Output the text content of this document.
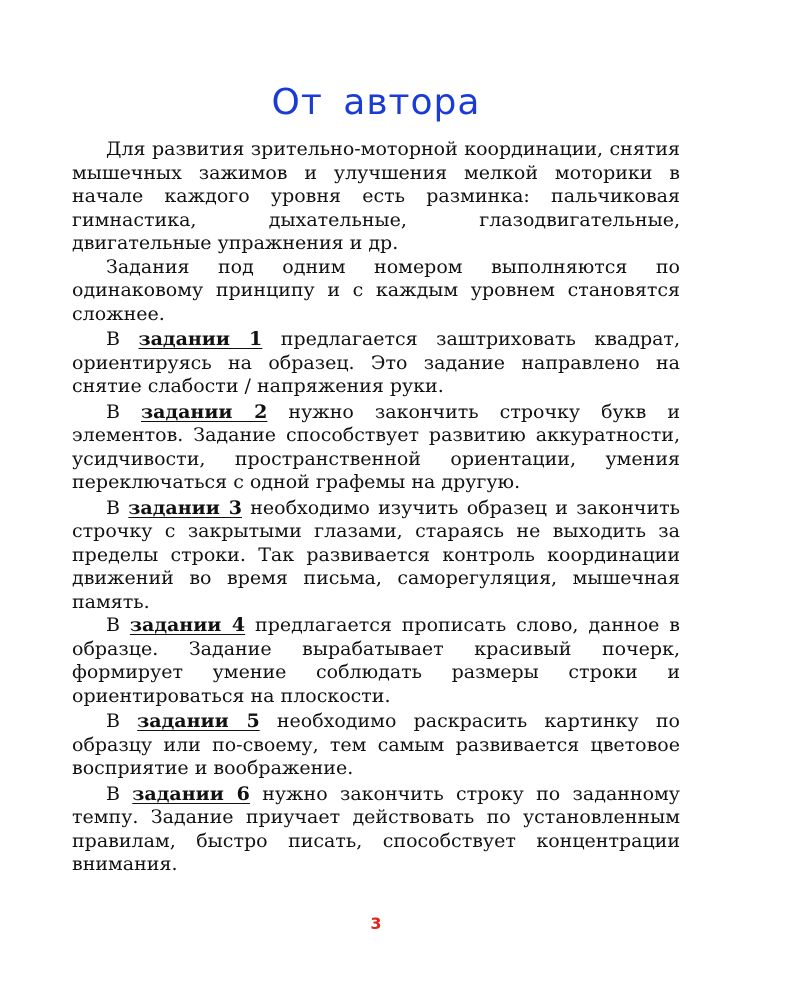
От автора

Для развития зрительно-моторной координации, снятия мышечных зажимов и улучшения мелкой моторики в начале каждого уровня есть разминка: пальчиковая гимнастика, дыхательные, глазодвигательные, двигательные упражнения и др.

Задания под одним номером выполняются по одинаковому принципу и с каждым уровнем становятся сложнее.

В задании 1 предлагается заштриховать квадрат, ориентируясь на образец. Это задание направлено на снятие слабости / напряжения руки.

В задании 2 нужно закончить строчку букв и элементов. Задание способствует развитию аккуратности, усидчивости, пространственной ориентации, умения переключаться с одной графемы на другую.

В задании 3 необходимо изучить образец и закончить строчку с закрытыми глазами, стараясь не выходить за пределы строки. Так развивается контроль координации движений во время письма, саморегуляция, мышечная память.

В задании 4 предлагается прописать слово, данное в образце. Задание вырабатывает красивый почерк, формирует умение соблюдать размеры строки и ориентироваться на плоскости.

В задании 5 необходимо раскрасить картинку по образцу или по-своему, тем самым развивается цветовое восприятие и воображение.

В задании 6 нужно закончить строку по заданному темпу. Задание приучает действовать по установленным правилам, быстро писать, способствует концентрации внимания.

3
